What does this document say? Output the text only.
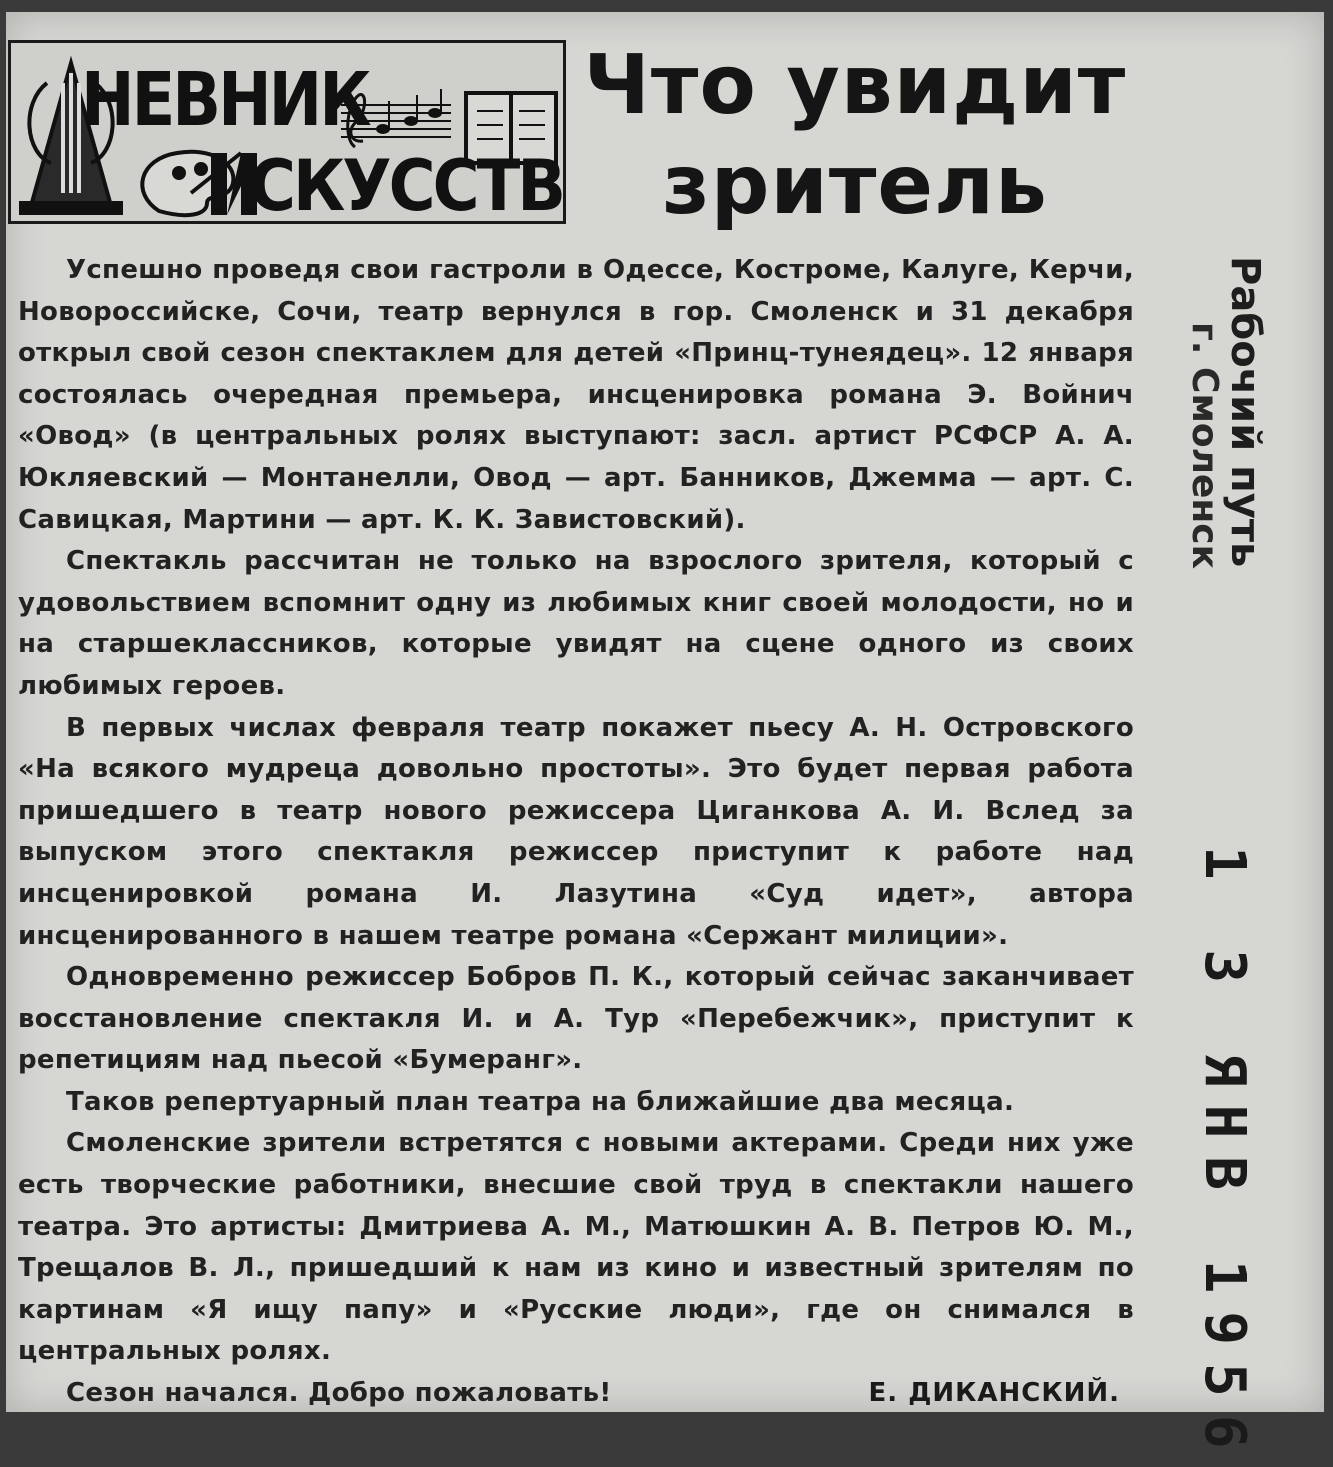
НЕВНИК
СКУССТВ
Что увидит
зритель

Успешно проведя свои гастроли в Одессе, Костроме, Калуге, Керчи, Новороссийске, Сочи, театр вернулся в гор. Смоленск и 31 декабря открыл свой сезон спектаклем для детей «Принц-тунеядец». 12 января состоялась очередная премьера, инсценировка романа Э. Войнич «Овод» (в центральных ролях выступают: засл. артист РСФСР А. А. Юкляевский — Монтанелли, Овод — арт. Банников, Джемма — арт. С. Савицкая, Мартини — арт. К. К. Завистовский).

Спектакль рассчитан не только на взрослого зрителя, который с удовольствием вспомнит одну из любимых книг своей молодости, но и на старшеклассников, которые увидят на сцене одного из своих любимых героев.

В первых числах февраля театр покажет пьесу А. Н. Островского «На всякого мудреца довольно простоты». Это будет первая работа пришедшего в театр нового режиссера Циганкова А. И. Вслед за выпуском этого спектакля режиссер приступит к работе над инсценировкой романа И. Лазутина «Суд идет», автора инсценированного в нашем театре романа «Сержант милиции».

Одновременно режиссер Бобров П. К., который сейчас заканчивает восстановление спектакля И. и А. Тур «Перебежчик», приступит к репетициям над пьесой «Бумеранг».

Таков репертуарный план театра на ближайшие два месяца.

Смоленские зрители встретятся с новыми актерами. Среди них уже есть творческие работники, внесшие свой труд в спектакли нашего театра. Это артисты: Дмитриева А. М., Матюшкин А. В. Петров Ю. М., Трещалов В. Л., пришедший к нам из кино и известный зрителям по картинам «Я ищу папу» и «Русские люди», где он снимался в центральных ролях.

Сезон начался. Добро пожаловать!	Е. ДИКАНСКИЙ.
Рабочий путь
г. Смоленск
1 3 ЯНВ 1956
